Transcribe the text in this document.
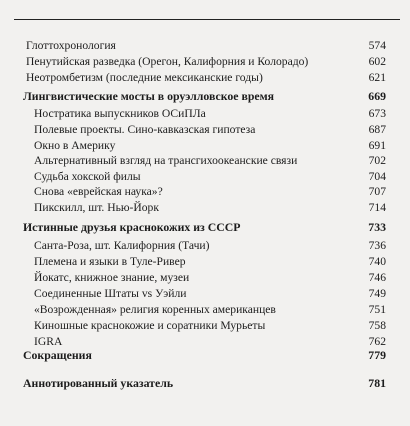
Глоттохронология	574
Пенутийская разведка (Орегон, Калифорния и Колорадо)	602
Неотромбетизм (последние мексиканские годы)	621
Лингвистические мосты в оруэлловское время	669
Ностратика выпускников ОСиПЛа	673
Полевые проекты. Сино-кавказская гипотеза	687
Окно в Америку	691
Альтернативный взгляд на трансгихоокеанские связи	702
Судьба хокской филы	704
Снова «еврейская наука»?	707
Пикскилл, шт. Нью-Йорк	714
Истинные друзья краснокожих из СССР	733
Санта-Роза, шт. Калифорния (Тачи)	736
Племена и языки в Туле-Ривер	740
Йокатс, книжное знание, музеи	746
Соединенные Штаты vs Уэйли	749
«Возрожденная» религия коренных американцев	751
Киношные краснокожие и соратники Мурьеты	758
IGRA	762
Сокращения	779
Аннотированный указатель	781
